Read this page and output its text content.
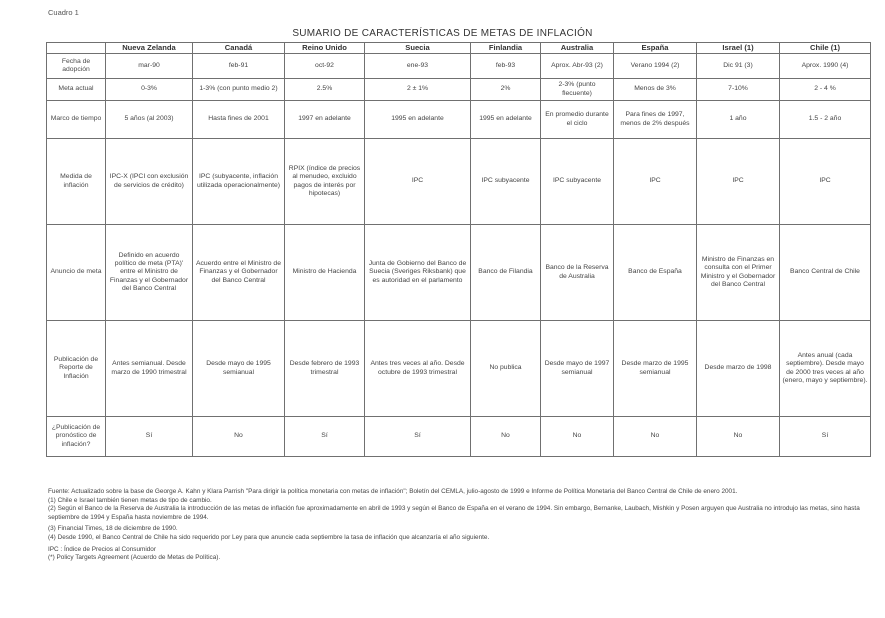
Cuadro 1
SUMARIO DE CARACTERÍSTICAS DE METAS DE INFLACIÓN
	Nueva Zelanda	Canadá	Reino Unido	Suecia	Finlandia	Australia	España	Israel (1)	Chile (1)
Fecha de adopción	mar-90	feb-91	oct-92	ene-93	feb-93	Aprox. Abr-93 (2)	Verano 1994 (2)	Dic 91 (3)	Aprox. 1990 (4)
Meta actual	0-3%	1-3% (con punto medio 2)	2.5%	2 ± 1%	2%	2-3% (punto flecuente)	Menos de 3%	7-10%	2 - 4 %
Marco de tiempo	5 años (al 2003)	Hasta fines de 2001	1997 en adelante	1995 en adelante	1995 en adelante	En promedio durante el ciclo	Para fines de 1997, menos de 2% después	1 año	1.5 - 2 año
Medida de inflación	IPC-X (IPCI con exclusión de servicios de crédito)	IPC (subyacente, inflación utilizada operacionalmente)	RPIX (índice de precios al menudeo, excluido pagos de interés por hipotecas)	IPC	IPC subyacente	IPC subyacente	IPC	IPC	IPC
Anuncio de meta	Definido en acuerdo político de meta (PTA)' entre el Ministro de Finanzas y el Gobernador del Banco Central	Acuerdo entre el Ministro de Finanzas y el Gobernador del Banco Central	Ministro de Hacienda	Junta de Gobierno del Banco de Suecia (Sveriges Riksbank) que es autoridad en el parlamento	Banco de Filandia	Banco de la Reserva de Australia	Banco de España	Ministro de Finanzas en consulta con el Primer Ministro y el Gobernador del Banco Central	Banco Central de Chile
Publicación de Reporte de Inflación	Antes semianual. Desde marzo de 1990 trimestral	Desde mayo de 1995 semianual	Desde febrero de 1993 trimestral	Antes tres veces al año. Desde octubre de 1993 trimestral	No publica	Desde mayo de 1997 semianual	Desde marzo de 1995 semianual	Desde marzo de 1998	Antes anual (cada septiembre). Desde mayo de 2000 tres veces al año (enero, mayo y septiembre).
¿Publicación de pronóstico de inflación?	Sí	No	Sí	Sí	No	No	No	No	Sí

Fuente: Actualizado sobre la base de George A. Kahn y Klara Parrish "Para dirigir la política monetaria con metas de inflación"; Boletín del CEMLA, julio-agosto de 1999 e Informe de Política Monetaria del Banco Central de Chile de enero 2001.

(1) Chile e Israel también tienen metas de tipo de cambio.

(2) Según el Banco de la Reserva de Australia la introducción de las metas de inflación fue aproximadamente en abril de 1993 y según el Banco de España en el verano de 1994. Sin embargo, Bernanke, Laubach, Mishkin y Posen arguyen que Australia no introdujo las metas, sino hasta septiembre de 1994 y España hasta noviembre de 1994.

(3) Financial Times, 18 de diciembre de 1990.

(4) Desde 1990, el Banco Central de Chile ha sido requerido por Ley para que anuncie cada septiembre la tasa de inflación que alcanzaría el año siguiente.

IPC : Índice de Precios al Consumidor

(*) Policy Targets Agreement (Acuerdo de Metas de Política).
